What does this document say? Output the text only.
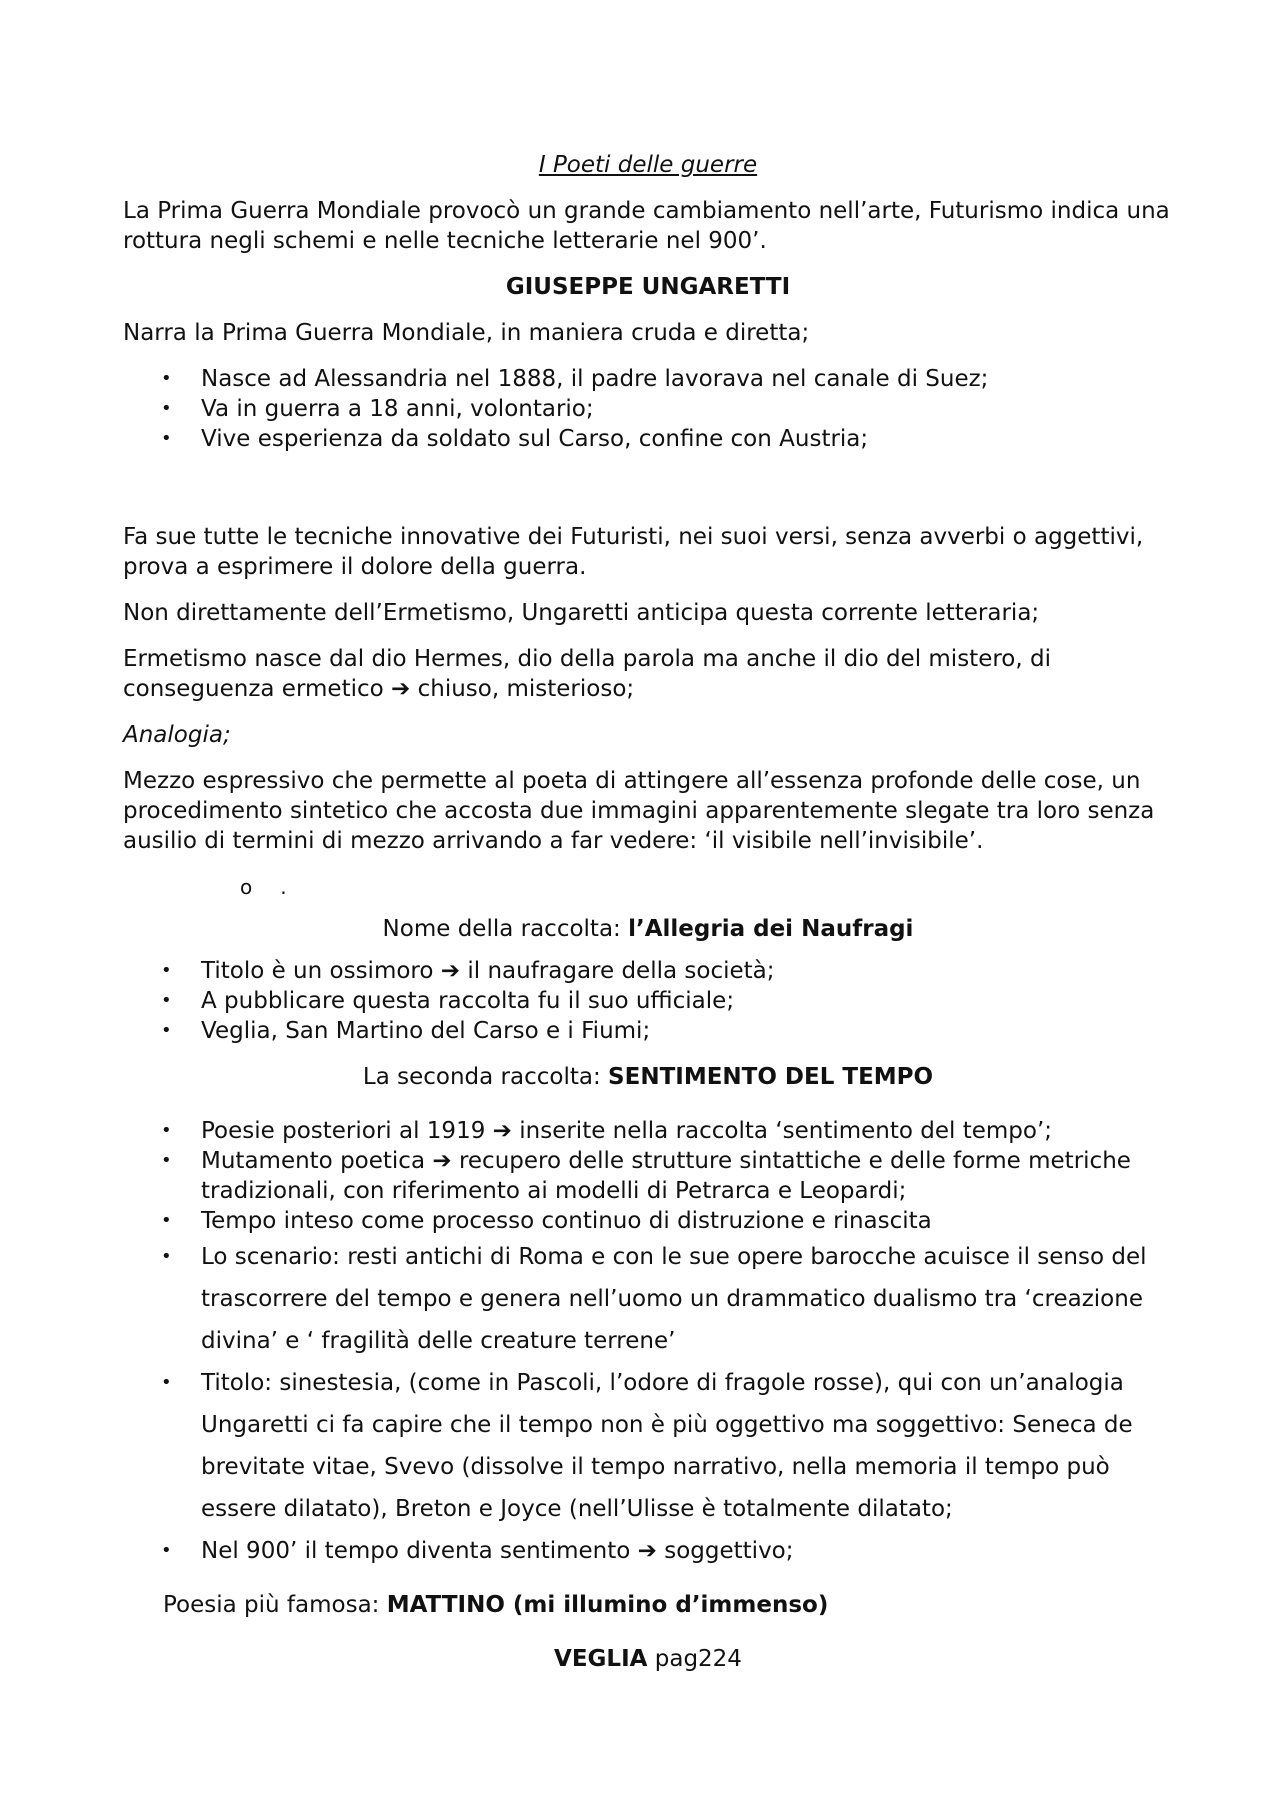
I Poeti delle guerre

La Prima Guerra Mondiale provocò un grande cambiamento nell’arte, Futurismo indica una rottura negli schemi e nelle tecniche letterarie nel 900’.

GIUSEPPE UNGARETTI

Narra la Prima Guerra Mondiale, in maniera cruda e diretta;

• Nasce ad Alessandria nel 1888, il padre lavorava nel canale di Suez;
• Va in guerra a 18 anni, volontario;
• Vive esperienza da soldato sul Carso, confine con Austria;

Fa sue tutte le tecniche innovative dei Futuristi, nei suoi versi, senza avverbi o aggettivi, prova a esprimere il dolore della guerra.

Non direttamente dell’Ermetismo, Ungaretti anticipa questa corrente letteraria;

Ermetismo nasce dal dio Hermes, dio della parola ma anche il dio del mistero, di conseguenza ermetico ➔ chiuso, misterioso;

Analogia;

Mezzo espressivo che permette al poeta di attingere all’essenza profonde delle cose, un procedimento sintetico che accosta due immagini apparentemente slegate tra loro senza ausilio di termini di mezzo arrivando a far vedere: ‘il visibile nell’invisibile’.

o .

Nome della raccolta: l’Allegria dei Naufragi

• Titolo è un ossimoro ➔ il naufragare della società;
• A pubblicare questa raccolta fu il suo ufficiale;
• Veglia, San Martino del Carso e i Fiumi;

La seconda raccolta: SENTIMENTO DEL TEMPO

• Poesie posteriori al 1919 ➔ inserite nella raccolta ‘sentimento del tempo’;
• Mutamento poetica ➔ recupero delle strutture sintattiche e delle forme metriche tradizionali, con riferimento ai modelli di Petrarca e Leopardi;
• Tempo inteso come processo continuo di distruzione e rinascita
• Lo scenario: resti antichi di Roma e con le sue opere barocche acuisce il senso del trascorrere del tempo e genera nell’uomo un drammatico dualismo tra ‘creazione divina’ e ‘ fragilità delle creature terrene’
• Titolo: sinestesia, (come in Pascoli, l’odore di fragole rosse), qui con un’analogia Ungaretti ci fa capire che il tempo non è più oggettivo ma soggettivo: Seneca de brevitate vitae, Svevo (dissolve il tempo narrativo, nella memoria il tempo può essere dilatato), Breton e Joyce (nell’Ulisse è totalmente dilatato;
• Nel 900’ il tempo diventa sentimento ➔ soggettivo;

Poesia più famosa: MATTINO (mi illumino d’immenso)

VEGLIA pag224
